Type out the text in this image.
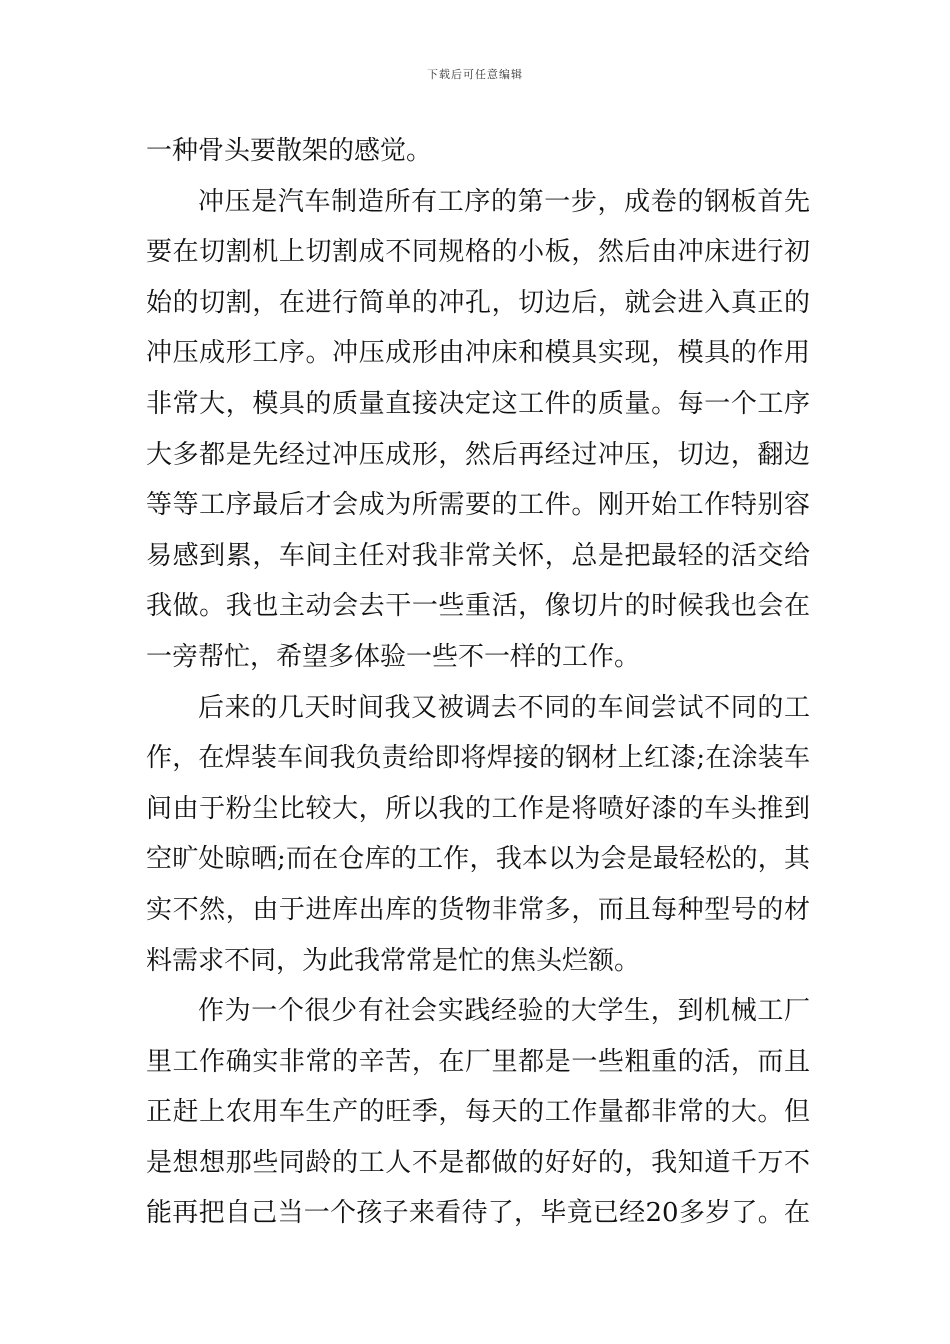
下载后可任意编辑
一种骨头要散架的感觉。
冲压是汽车制造所有工序的第一步，成卷的钢板首先
要在切割机上切割成不同规格的小板，然后由冲床进行初
始的切割，在进行简单的冲孔，切边后，就会进入真正的
冲压成形工序。冲压成形由冲床和模具实现，模具的作用
非常大，模具的质量直接决定这工件的质量。每一个工序
大多都是先经过冲压成形，然后再经过冲压，切边，翻边
等等工序最后才会成为所需要的工件。刚开始工作特别容
易感到累，车间主任对我非常关怀，总是把最轻的活交给
我做。我也主动会去干一些重活，像切片的时候我也会在
一旁帮忙，希望多体验一些不一样的工作。
后来的几天时间我又被调去不同的车间尝试不同的工
作，在焊装车间我负责给即将焊接的钢材上红漆;在涂装车
间由于粉尘比较大，所以我的工作是将喷好漆的车头推到
空旷处晾晒;而在仓库的工作，我本以为会是最轻松的，其
实不然，由于进库出库的货物非常多，而且每种型号的材
料需求不同，为此我常常是忙的焦头烂额。
作为一个很少有社会实践经验的大学生，到机械工厂
里工作确实非常的辛苦，在厂里都是一些粗重的活，而且
正赶上农用车生产的旺季，每天的工作量都非常的大。但
是想想那些同龄的工人不是都做的好好的，我知道千万不
能再把自己当一个孩子来看待了，毕竟已经20多岁了。在
